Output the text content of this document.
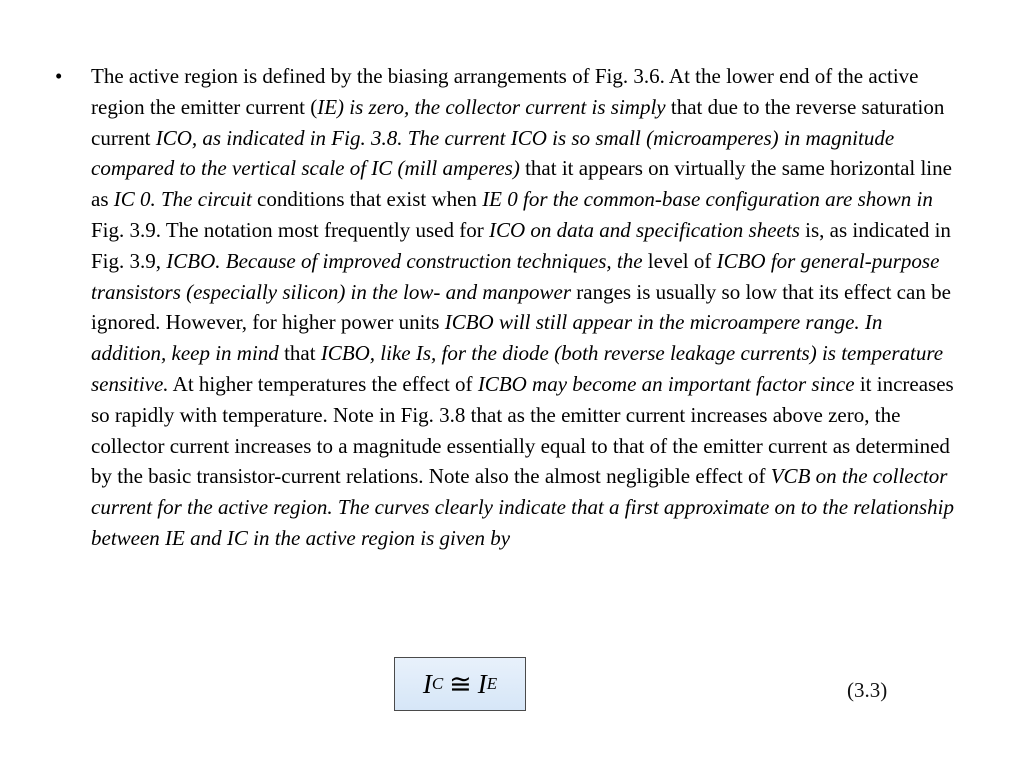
• The active region is defined by the biasing arrangements of Fig. 3.6. At the lower end of the active region the emitter current (IE) is zero, the collector current is simply that due to the reverse saturation current ICO, as indicated in Fig. 3.8. The current ICO is so small (microamperes) in magnitude compared to the vertical scale of IC (mill amperes) that it appears on virtually the same horizontal line as IC 0. The circuit conditions that exist when IE 0 for the common-base configuration are shown in Fig. 3.9. The notation most frequently used for ICO on data and specification sheets is, as indicated in Fig. 3.9, ICBO. Because of improved construction techniques, the level of ICBO for general-purpose transistors (especially silicon) in the low- and manpower ranges is usually so low that its effect can be ignored. However, for higher power units ICBO will still appear in the microampere range. In addition, keep in mind that ICBO, like Is, for the diode (both reverse leakage currents) is temperature sensitive. At higher temperatures the effect of ICBO may become an important factor since it increases so rapidly with temperature. Note in Fig. 3.8 that as the emitter current increases above zero, the collector current increases to a magnitude essentially equal to that of the emitter current as determined by the basic transistor-current relations. Note also the almost negligible effect of VCB on the collector current for the active region. The curves clearly indicate that a first approximate on to the relationship between IE and IC in the active region is given by
I C ≅ I E	(3.3)
